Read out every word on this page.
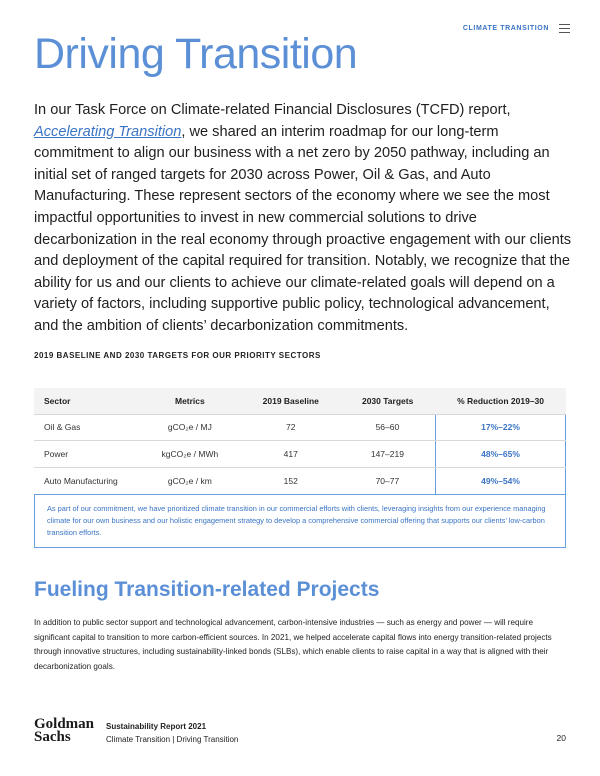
CLIMATE TRANSITION
Driving Transition

In our Task Force on Climate-related Financial Disclosures (TCFD) report, Accelerating Transition, we shared an interim roadmap for our long-term commitment to align our business with a net zero by 2050 pathway, including an initial set of ranged targets for 2030 across Power, Oil & Gas, and Auto Manufacturing. These represent sectors of the economy where we see the most impactful opportunities to invest in new commercial solutions to drive decarbonization in the real economy through proactive engagement with our clients and deployment of the capital required for transition. Notably, we recognize that the ability for us and our clients to achieve our climate-related goals will depend on a variety of factors, including supportive public policy, technological advancement, and the ambition of clients’ decarbonization commitments.

2019 BASELINE AND 2030 TARGETS FOR OUR PRIORITY SECTORS
Sector	Metrics	2019 Baseline	2030 Targets	% Reduction 2019–30
Oil & Gas	gCO₂e / MJ	72	56–60	17%–22%
Power	kgCO₂e / MWh	417	147–219	48%–65%
Auto Manufacturing	gCO₂e / km	152	70–77	49%–54%
As part of our commitment, we have prioritized climate transition in our commercial efforts with clients, leveraging insights from our experience managing climate for our own business and our holistic engagement strategy to develop a comprehensive commercial offering that supports our clients’ low-carbon transition efforts.
Fueling Transition-related Projects

In addition to public sector support and technological advancement, carbon-intensive industries — such as energy and power — will require significant capital to transition to more carbon-efficient sources. In 2021, we helped accelerate capital flows into energy transition-related projects through innovative structures, including sustainability-linked bonds (SLBs), which enable clients to raise capital in a way that is aligned with their decarbonization goals.

Goldman
Sachs
Sustainability Report 2021
Climate Transition | Driving Transition	20
